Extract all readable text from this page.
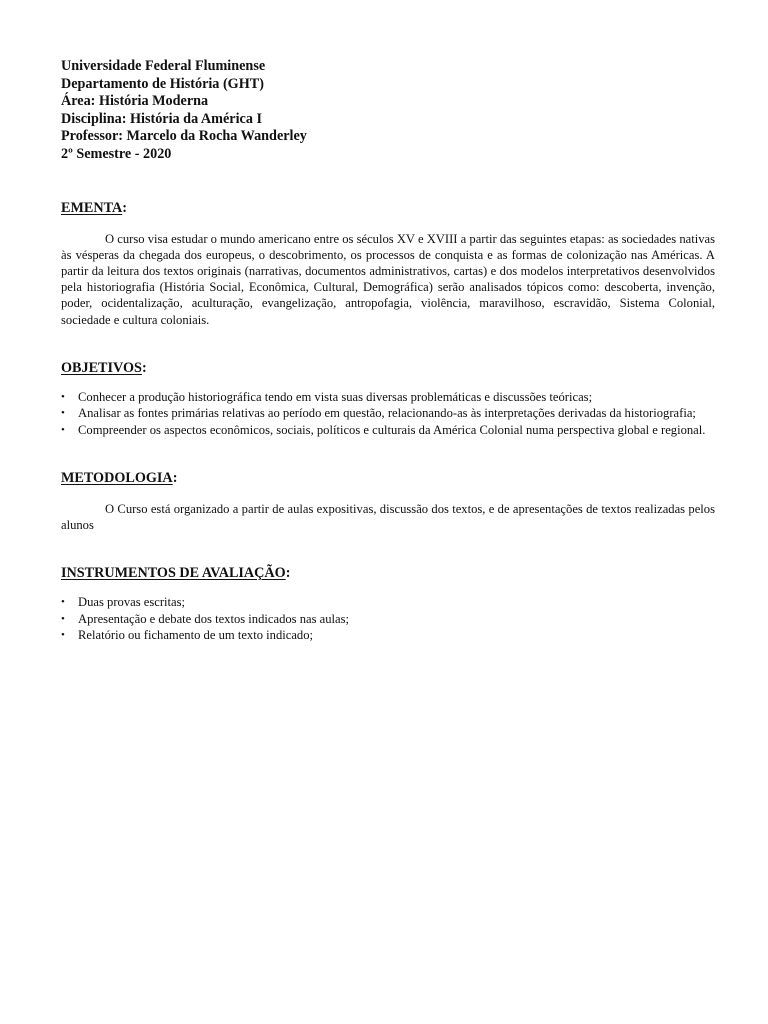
Universidade Federal Fluminense
Departamento de História (GHT)
Área: História Moderna
Disciplina: História da América I
Professor: Marcelo da Rocha Wanderley
2º Semestre - 2020
EMENTA:

O curso visa estudar o mundo americano entre os séculos XV e XVIII a partir das seguintes etapas: as sociedades nativas às vésperas da chegada dos europeus, o descobrimento, os processos de conquista e as formas de colonização nas Américas. A partir da leitura dos textos originais (narrativas, documentos administrativos, cartas) e dos modelos interpretativos desenvolvidos pela historiografia (História Social, Econômica, Cultural, Demográfica) serão analisados tópicos como: descoberta, invenção, poder, ocidentalização, aculturação, evangelização, antropofagia, violência, maravilhoso, escravidão, Sistema Colonial, sociedade e cultura coloniais.

OBJETIVOS:
• Conhecer a produção historiográfica tendo em vista suas diversas problemáticas e discussões teóricas;
• Analisar as fontes primárias relativas ao período em questão, relacionando-as às interpretações derivadas da historiografia;
• Compreender os aspectos econômicos, sociais, políticos e culturais da América Colonial numa perspectiva global e regional.
METODOLOGIA:

O Curso está organizado a partir de aulas expositivas, discussão dos textos, e de apresentações de textos realizadas pelos alunos

INSTRUMENTOS DE AVALIAÇÃO:
• Duas provas escritas;
• Apresentação e debate dos textos indicados nas aulas;
• Relatório ou fichamento de um texto indicado;
